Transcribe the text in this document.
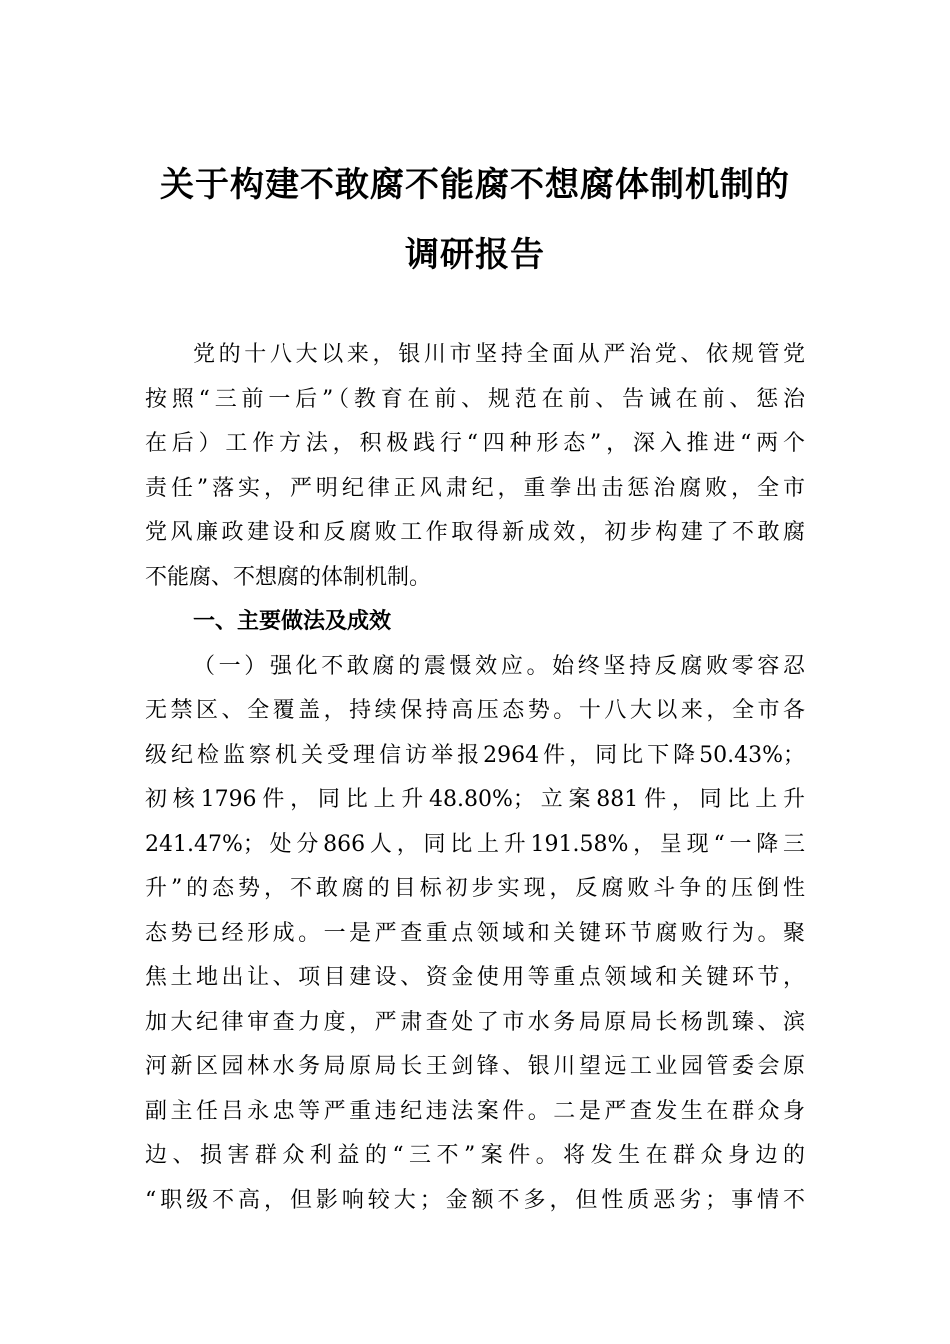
关于构建不敢腐不能腐不想腐体制机制的
调研报告
党的十八大以来，银川市坚持全面从严治党、依规管党
按照“三前一后”（教育在前、规范在前、告诫在前、惩治
在后）工作方法，积极践行“四种形态”，深入推进“两个
责任”落实，严明纪律正风肃纪，重拳出击惩治腐败，全市
党风廉政建设和反腐败工作取得新成效，初步构建了不敢腐
不能腐、不想腐的体制机制。
一、主要做法及成效
（一）强化不敢腐的震慑效应。始终坚持反腐败零容忍
无禁区、全覆盖，持续保持高压态势。十八大以来，全市各
级纪检监察机关受理信访举报2964件，同比下降50.43%；
初核1796件，同比上升48.80%；立案881件，同比上升
241.47%；处分866人，同比上升191.58%，呈现“一降三
升”的态势，不敢腐的目标初步实现，反腐败斗争的压倒性
态势已经形成。一是严查重点领域和关键环节腐败行为。聚
焦土地出让、项目建设、资金使用等重点领域和关键环节，
加大纪律审查力度，严肃查处了市水务局原局长杨凯臻、滨
河新区园林水务局原局长王剑锋、银川望远工业园管委会原
副主任吕永忠等严重违纪违法案件。二是严查发生在群众身
边、损害群众利益的“三不”案件。将发生在群众身边的
“职级不高，但影响较大；金额不多，但性质恶劣；事情不
